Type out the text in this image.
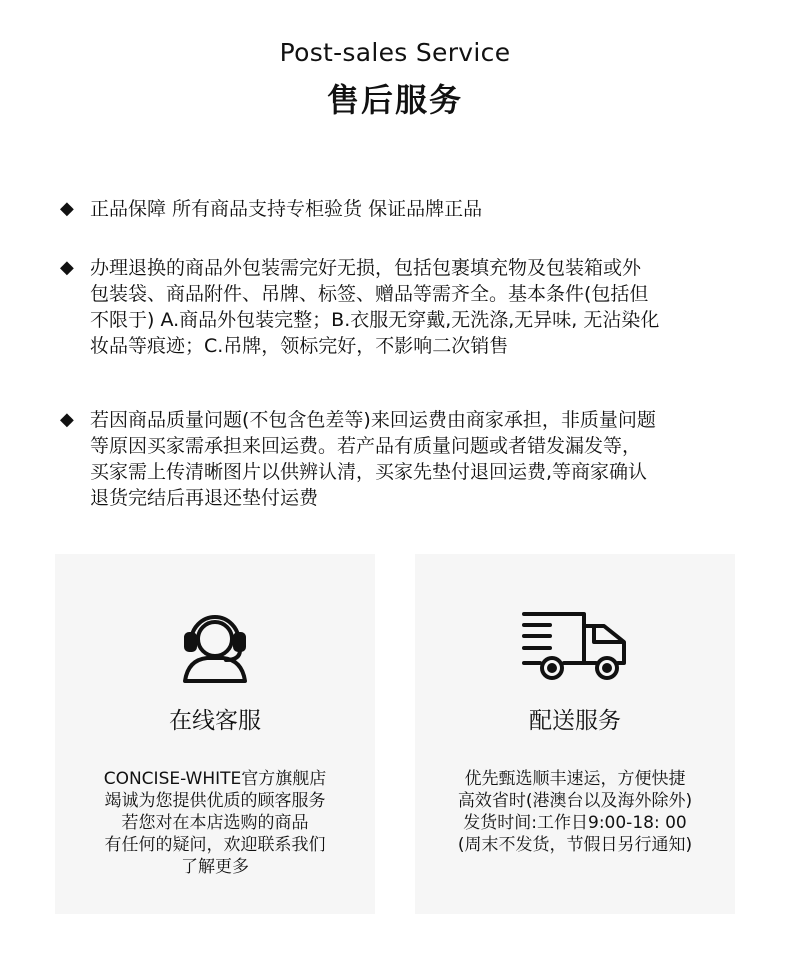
Post-sales Service
售后服务
◆ 正品保障 所有商品支持专柜验货 保证品牌正品
◆ 办理退换的商品外包装需完好无损，包括包裹填充物及包装箱或外
包装袋、商品附件、吊牌、标签、赠品等需齐全。基本条件(包括但
不限于) A.商品外包装完整；B.衣服无穿戴,无洗涤,无异味, 无沾染化
妆品等痕迹；C.吊牌，领标完好，不影响二次销售
◆ 若因商品质量问题(不包含色差等)来回运费由商家承担，非质量问题
等原因买家需承担来回运费。若产品有质量问题或者错发漏发等，
买家需上传清晰图片以供辨认清，买家先垫付退回运费,等商家确认
退货完结后再退还垫付运费
在线客服
CONCISE-WHITE官方旗舰店
竭诚为您提供优质的顾客服务
若您对在本店选购的商品
有任何的疑问，欢迎联系我们
了解更多
配送服务
优先甄选顺丰速运，方便快捷
高效省时(港澳台以及海外除外)
发货时间:工作日9:00-18: 00
(周末不发货，节假日另行通知)
